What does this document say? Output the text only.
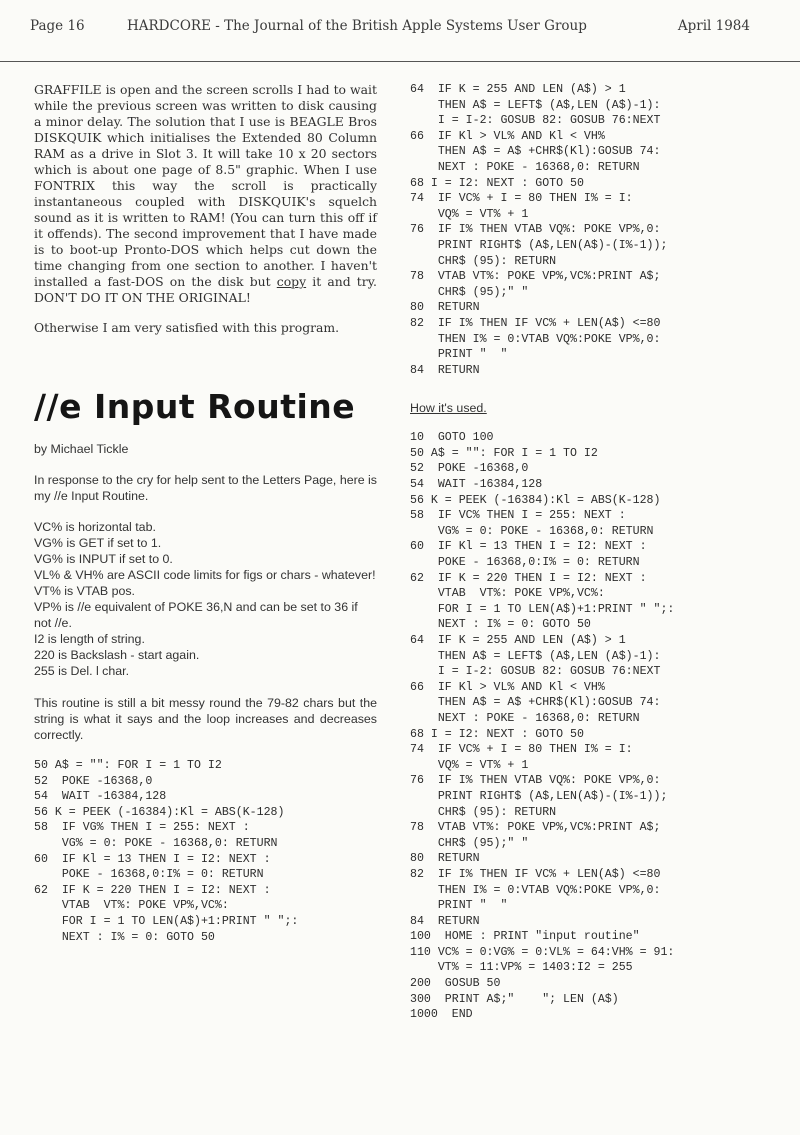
Page 16	HARDCORE - The Journal of the British Apple Systems User Group	April 1984

GRAFFILE is open and the screen scrolls I had to wait while the previous screen was written to disk causing a minor delay. The solution that I use is BEAGLE Bros DISKQUIK which initialises the Extended 80 Column RAM as a drive in Slot 3. It will take 10 x 20 sectors which is about one page of 8.5" graphic. When I use FONTRIX this way the scroll is practically instantaneous coupled with DISKQUIK's squelch sound as it is written to RAM! (You can turn this off if it offends). The second improvement that I have made is to boot-up Pronto-DOS which helps cut down the time changing from one section to another. I haven't installed a fast-DOS on the disk but copy it and try. DON'T DO IT ON THE ORIGINAL!

Otherwise I am very satisfied with this program.

//e Input Routine

by Michael Tickle

In response to the cry for help sent to the Letters Page, here is my //e Input Routine.

VC% is horizontal tab.
VG% is GET if set to 1.
VG% is INPUT if set to 0.
VL% & VH% are ASCII code limits for figs or chars - whatever!
VT% is VTAB pos.
VP% is //e equivalent of POKE 36,N and can be set to 36 if not //e.
I2 is length of string.
220 is Backslash - start again.
255 is Del. l char.

This routine is still a bit messy round the 79-82 chars but the string is what it says and the loop increases and decreases correctly.

50 A$ = "": FOR I = 1 TO I2
52  POKE -16368,0
54  WAIT -16384,128
56 K = PEEK (-16384):Kl = ABS(K-128)
58  IF VG% THEN I = 255: NEXT :
VG% = 0: POKE - 16368,0: RETURN
60  IF Kl = 13 THEN I = I2: NEXT :
POKE - 16368,0:I% = 0: RETURN
62  IF K = 220 THEN I = I2: NEXT :
VTAB  VT%: POKE VP%,VC%:
FOR I = 1 TO LEN(A$)+1:PRINT " ";:
NEXT : I% = 0: GOTO 50
64  IF K = 255 AND LEN (A$) > 1
THEN A$ = LEFT$ (A$,LEN (A$)-1):
I = I-2: GOSUB 82: GOSUB 76:NEXT
66  IF Kl > VL% AND Kl < VH%
THEN A$ = A$ +CHR$(Kl):GOSUB 74:
NEXT : POKE - 16368,0: RETURN
68 I = I2: NEXT : GOTO 50
74  IF VC% + I = 80 THEN I% = I:
VQ% = VT% + 1
76  IF I% THEN VTAB VQ%: POKE VP%,0:
PRINT RIGHT$ (A$,LEN(A$)-(I%-1));
CHR$ (95): RETURN
78  VTAB VT%: POKE VP%,VC%:PRINT A$;
CHR$ (95);" "
80  RETURN
82  IF I% THEN IF VC% + LEN(A$) <=80
THEN I% = 0:VTAB VQ%:POKE VP%,0:
PRINT "  "
84  RETURN
How it's used.
10  GOTO 100
50 A$ = "": FOR I = 1 TO I2
52  POKE -16368,0
54  WAIT -16384,128
56 K = PEEK (-16384):Kl = ABS(K-128)
58  IF VC% THEN I = 255: NEXT :
VG% = 0: POKE - 16368,0: RETURN
60  IF Kl = 13 THEN I = I2: NEXT :
POKE - 16368,0:I% = 0: RETURN
62  IF K = 220 THEN I = I2: NEXT :
VTAB  VT%: POKE VP%,VC%:
FOR I = 1 TO LEN(A$)+1:PRINT " ";:
NEXT : I% = 0: GOTO 50
64  IF K = 255 AND LEN (A$) > 1
THEN A$ = LEFT$ (A$,LEN (A$)-1):
I = I-2: GOSUB 82: GOSUB 76:NEXT
66  IF Kl > VL% AND Kl < VH%
THEN A$ = A$ +CHR$(Kl):GOSUB 74:
NEXT : POKE - 16368,0: RETURN
68 I = I2: NEXT : GOTO 50
74  IF VC% + I = 80 THEN I% = I:
VQ% = VT% + 1
76  IF I% THEN VTAB VQ%: POKE VP%,0:
PRINT RIGHT$ (A$,LEN(A$)-(I%-1));
CHR$ (95): RETURN
78  VTAB VT%: POKE VP%,VC%:PRINT A$;
CHR$ (95);" "
80  RETURN
82  IF I% THEN IF VC% + LEN(A$) <=80
THEN I% = 0:VTAB VQ%:POKE VP%,0:
PRINT "  "
84  RETURN
100  HOME : PRINT "input routine"
110 VC% = 0:VG% = 0:VL% = 64:VH% = 91:
VT% = 11:VP% = 1403:I2 = 255
200  GOSUB 50
300  PRINT A$;"    "; LEN (A$)
1000  END
